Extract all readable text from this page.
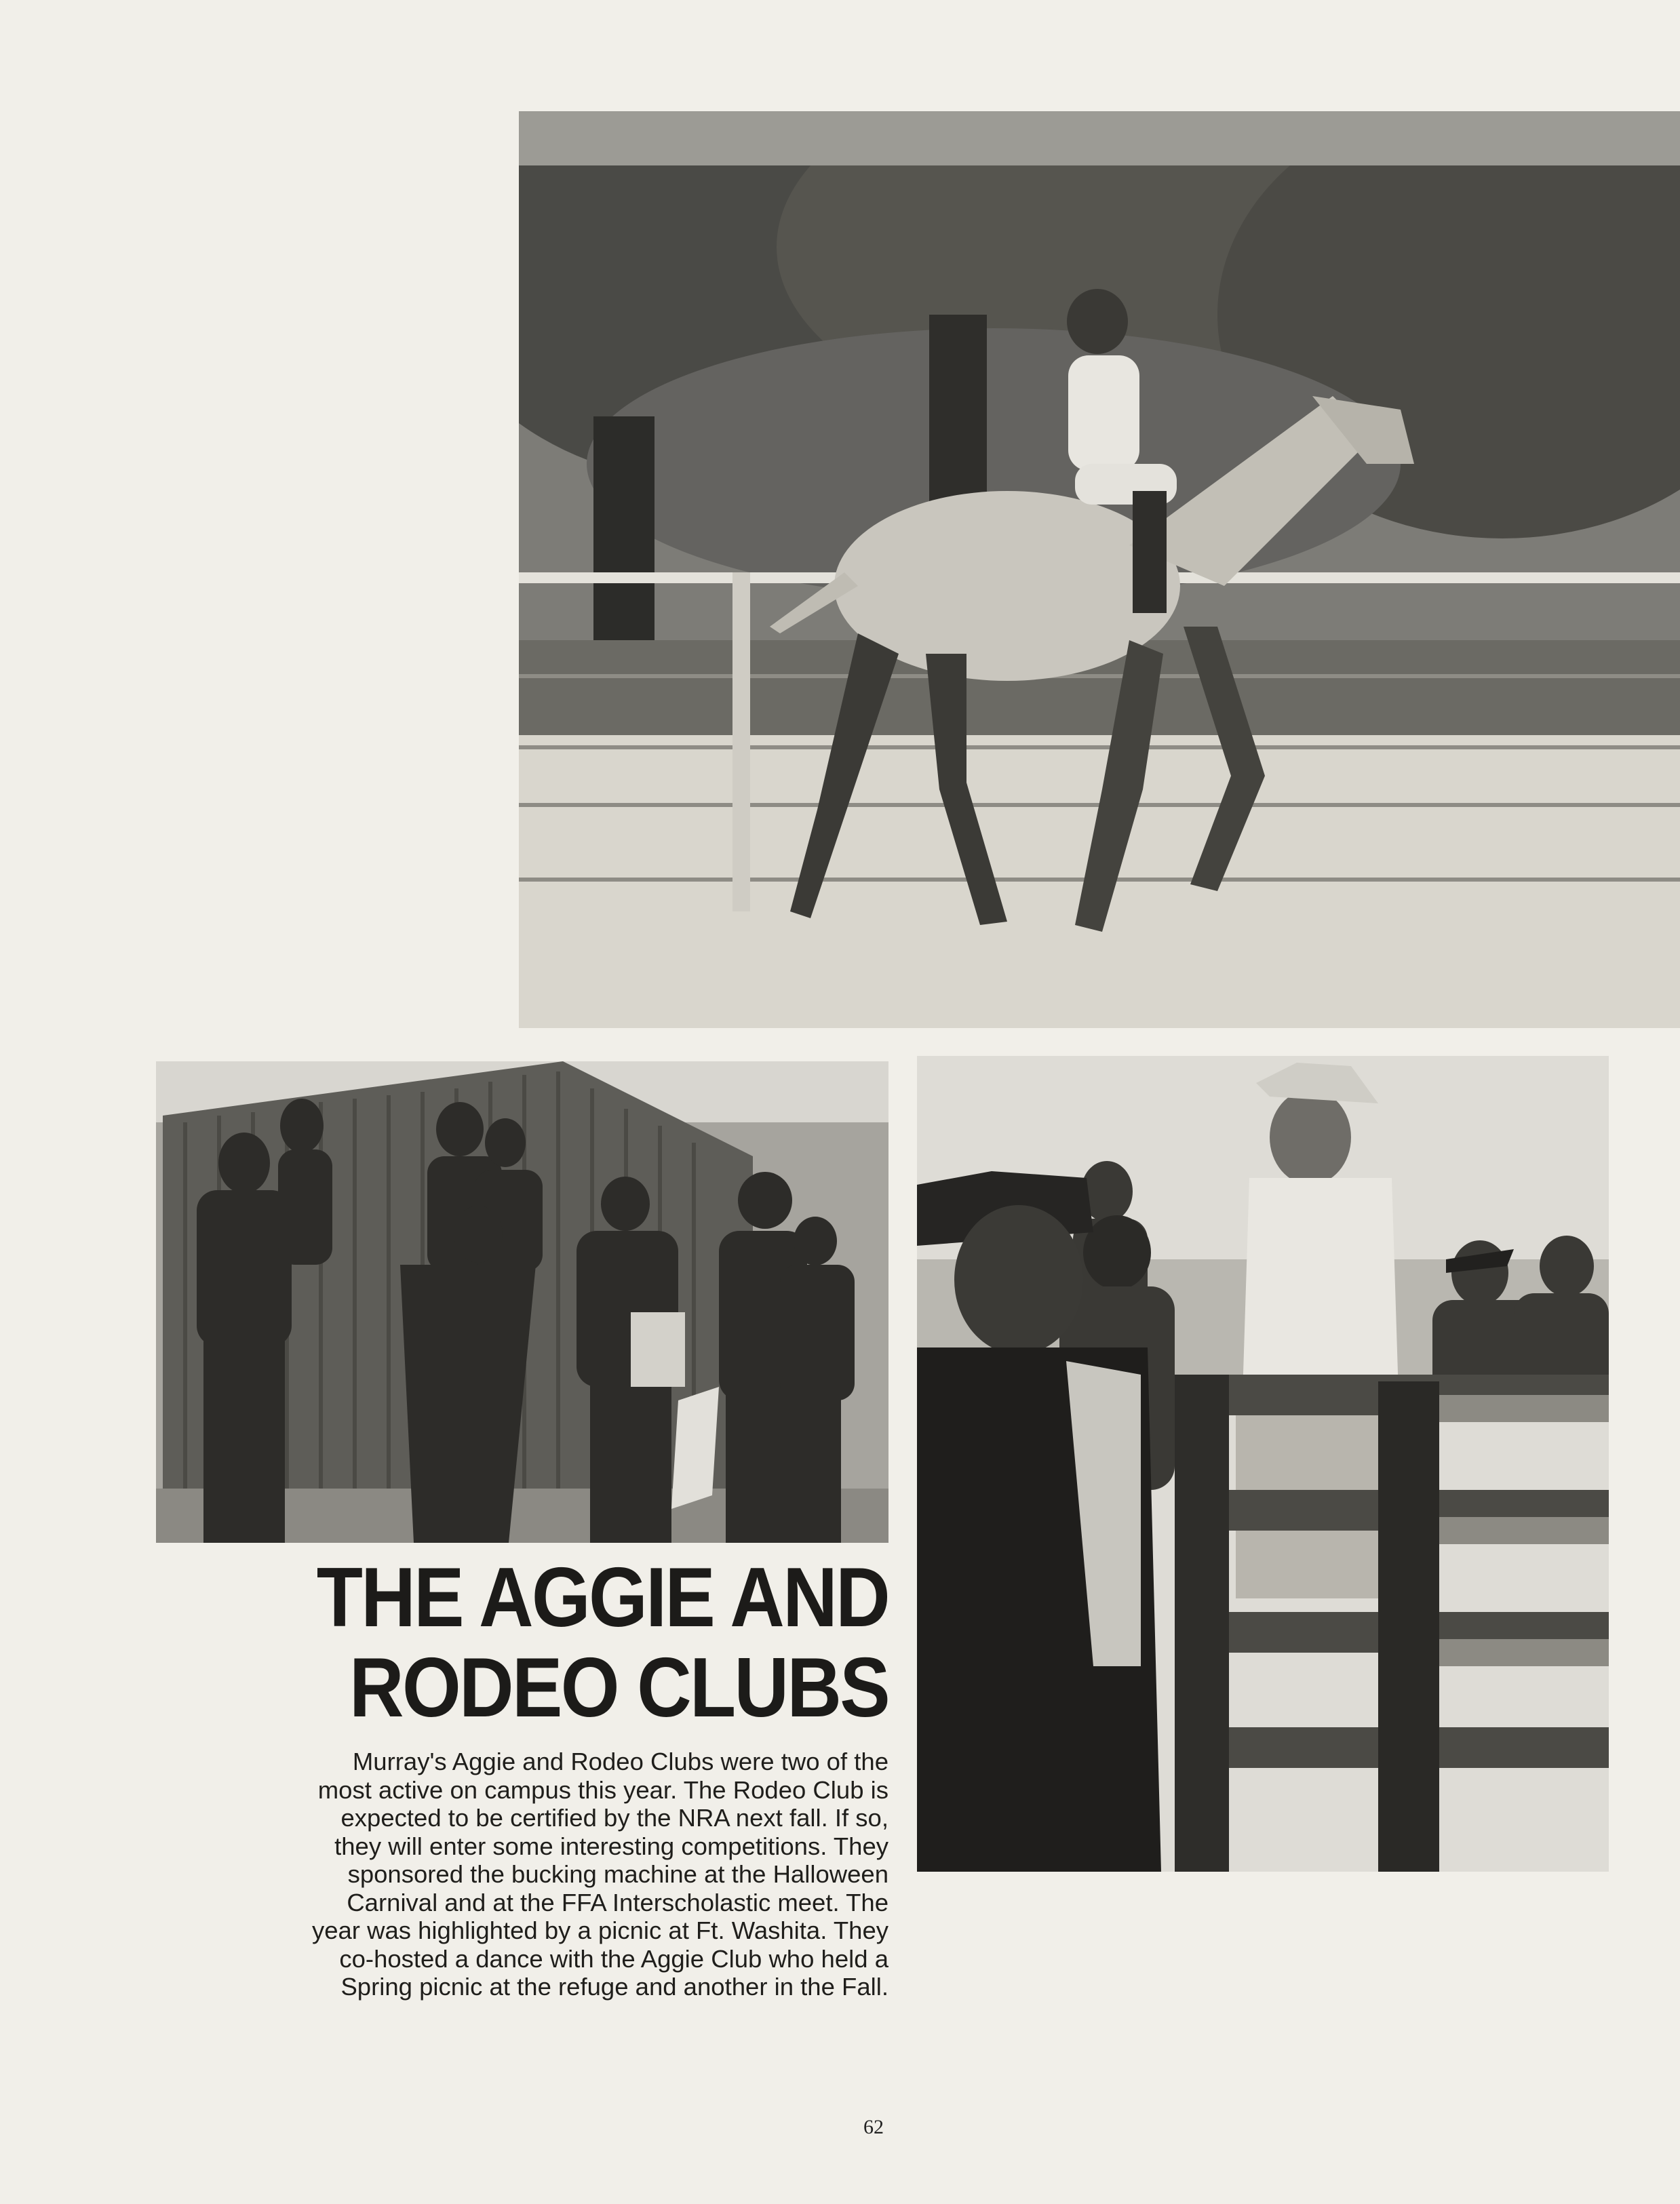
THE AGGIE AND
RODEO CLUBS

Murray's Aggie and Rodeo Clubs were two of the
most active on campus this year. The Rodeo Club is
expected to be certified by the NRA next fall. If so,
they will enter some interesting competitions. They
sponsored the bucking machine at the Halloween
Carnival and at the FFA Interscholastic meet. The
year was highlighted by a picnic at Ft. Washita. They
co-hosted a dance with the Aggie Club who held a
Spring picnic at the refuge and another in the Fall.

62
